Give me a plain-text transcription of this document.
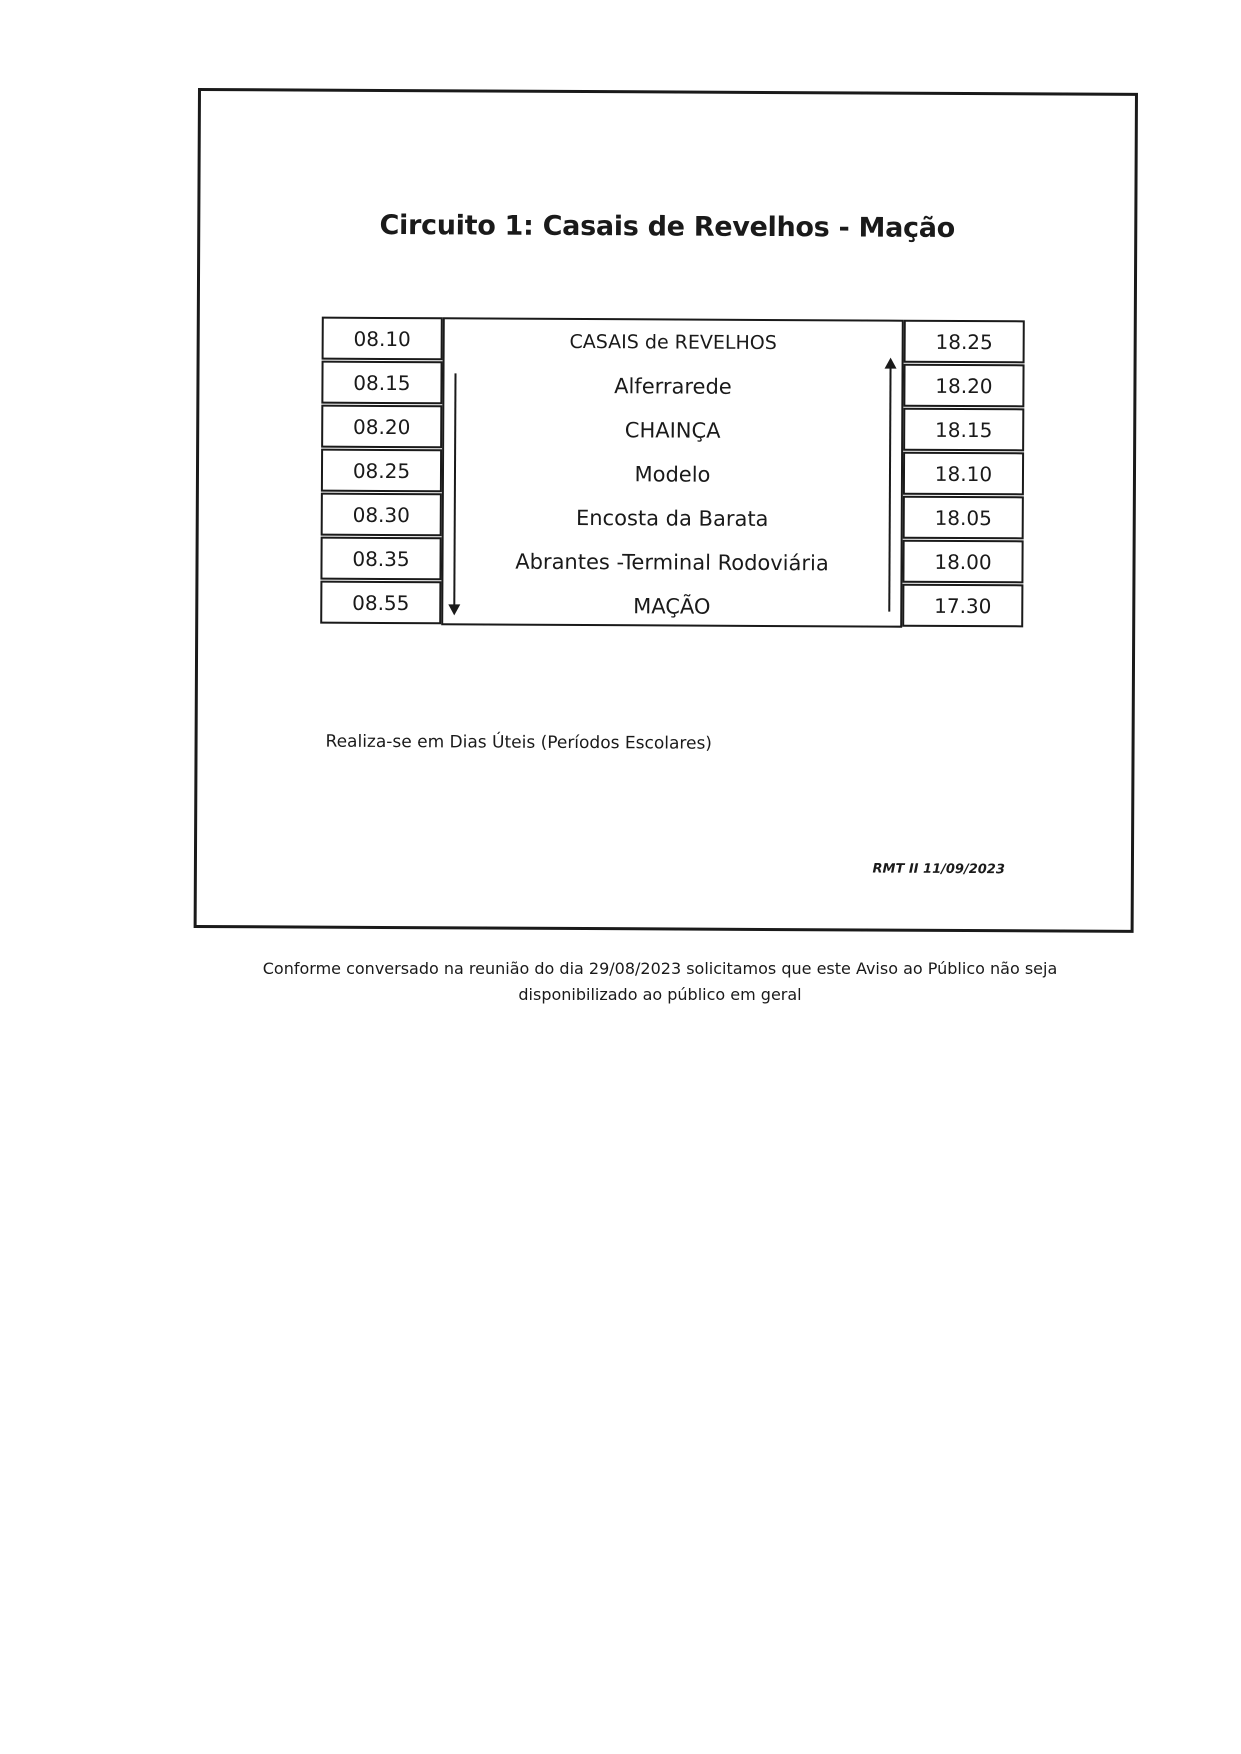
Circuito 1: Casais de Revelhos - Mação
08.10
08.15
08.20
08.25
08.30
08.35
08.55
CASAIS de REVELHOS
Alferrarede
CHAINÇA
Modelo
Encosta da Barata
Abrantes -Terminal Rodoviária
MAÇÃO
18.25
18.20
18.15
18.10
18.05
18.00
17.30
Realiza-se em Dias Úteis (Períodos Escolares)
RMT II 11/09/2023
Conforme conversado na reunião do dia 29/08/2023 solicitamos que este Aviso ao Público não seja
disponibilizado ao público em geral
